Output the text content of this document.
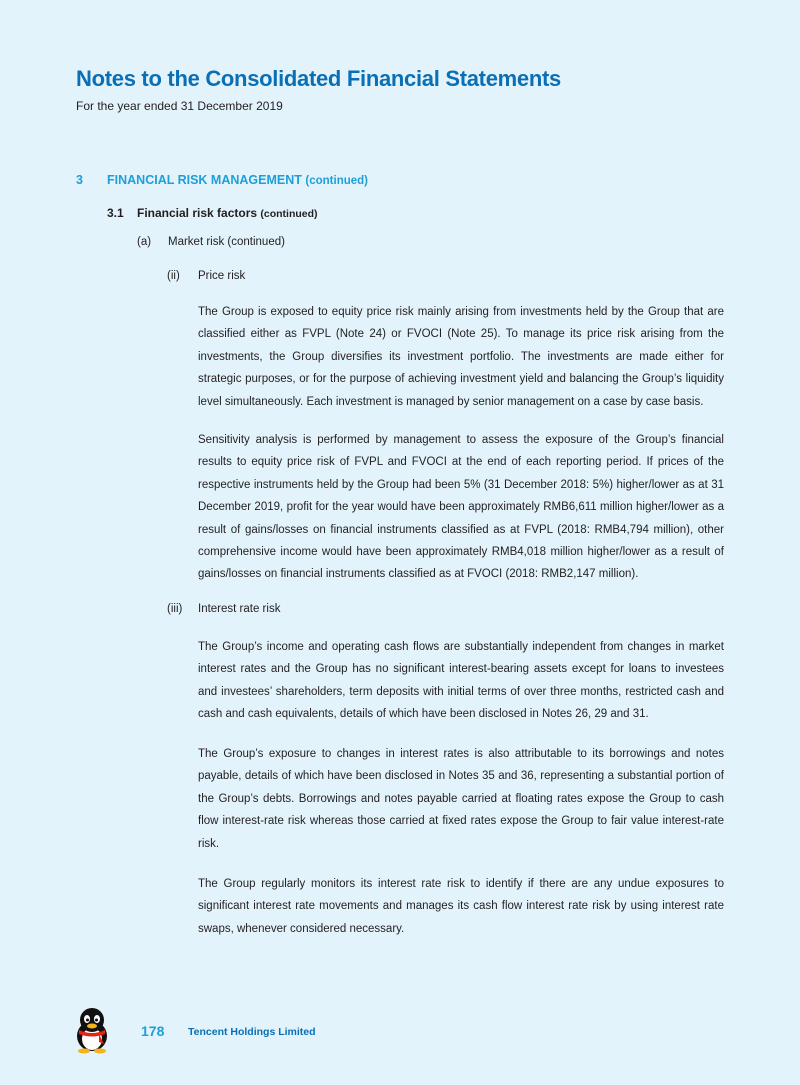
Notes to the Consolidated Financial Statements
For the year ended 31 December 2019
3 FINANCIAL RISK MANAGEMENT (continued)
3.1 Financial risk factors (continued)
(a) Market risk (continued)
(ii) Price risk

The Group is exposed to equity price risk mainly arising from investments held by the Group that are classified either as FVPL (Note 24) or FVOCI (Note 25). To manage its price risk arising from the investments, the Group diversifies its investment portfolio. The investments are made either for strategic purposes, or for the purpose of achieving investment yield and balancing the Group’s liquidity level simultaneously. Each investment is managed by senior management on a case by case basis.

Sensitivity analysis is performed by management to assess the exposure of the Group’s financial results to equity price risk of FVPL and FVOCI at the end of each reporting period. If prices of the respective instruments held by the Group had been 5% (31 December 2018: 5%) higher/lower as at 31 December 2019, profit for the year would have been approximately RMB6,611 million higher/lower as a result of gains/losses on financial instruments classified as at FVPL (2018: RMB4,794 million), other comprehensive income would have been approximately RMB4,018 million higher/lower as a result of gains/losses on financial instruments classified as at FVOCI (2018: RMB2,147 million).

(iii) Interest rate risk

The Group’s income and operating cash flows are substantially independent from changes in market interest rates and the Group has no significant interest-bearing assets except for loans to investees and investees’ shareholders, term deposits with initial terms of over three months, restricted cash and cash and cash equivalents, details of which have been disclosed in Notes 26, 29 and 31.

The Group’s exposure to changes in interest rates is also attributable to its borrowings and notes payable, details of which have been disclosed in Notes 35 and 36, representing a substantial portion of the Group’s debts. Borrowings and notes payable carried at floating rates expose the Group to cash flow interest-rate risk whereas those carried at fixed rates expose the Group to fair value interest-rate risk.

The Group regularly monitors its interest rate risk to identify if there are any undue exposures to significant interest rate movements and manages its cash flow interest rate risk by using interest rate swaps, whenever considered necessary.

178 Tencent Holdings Limited
